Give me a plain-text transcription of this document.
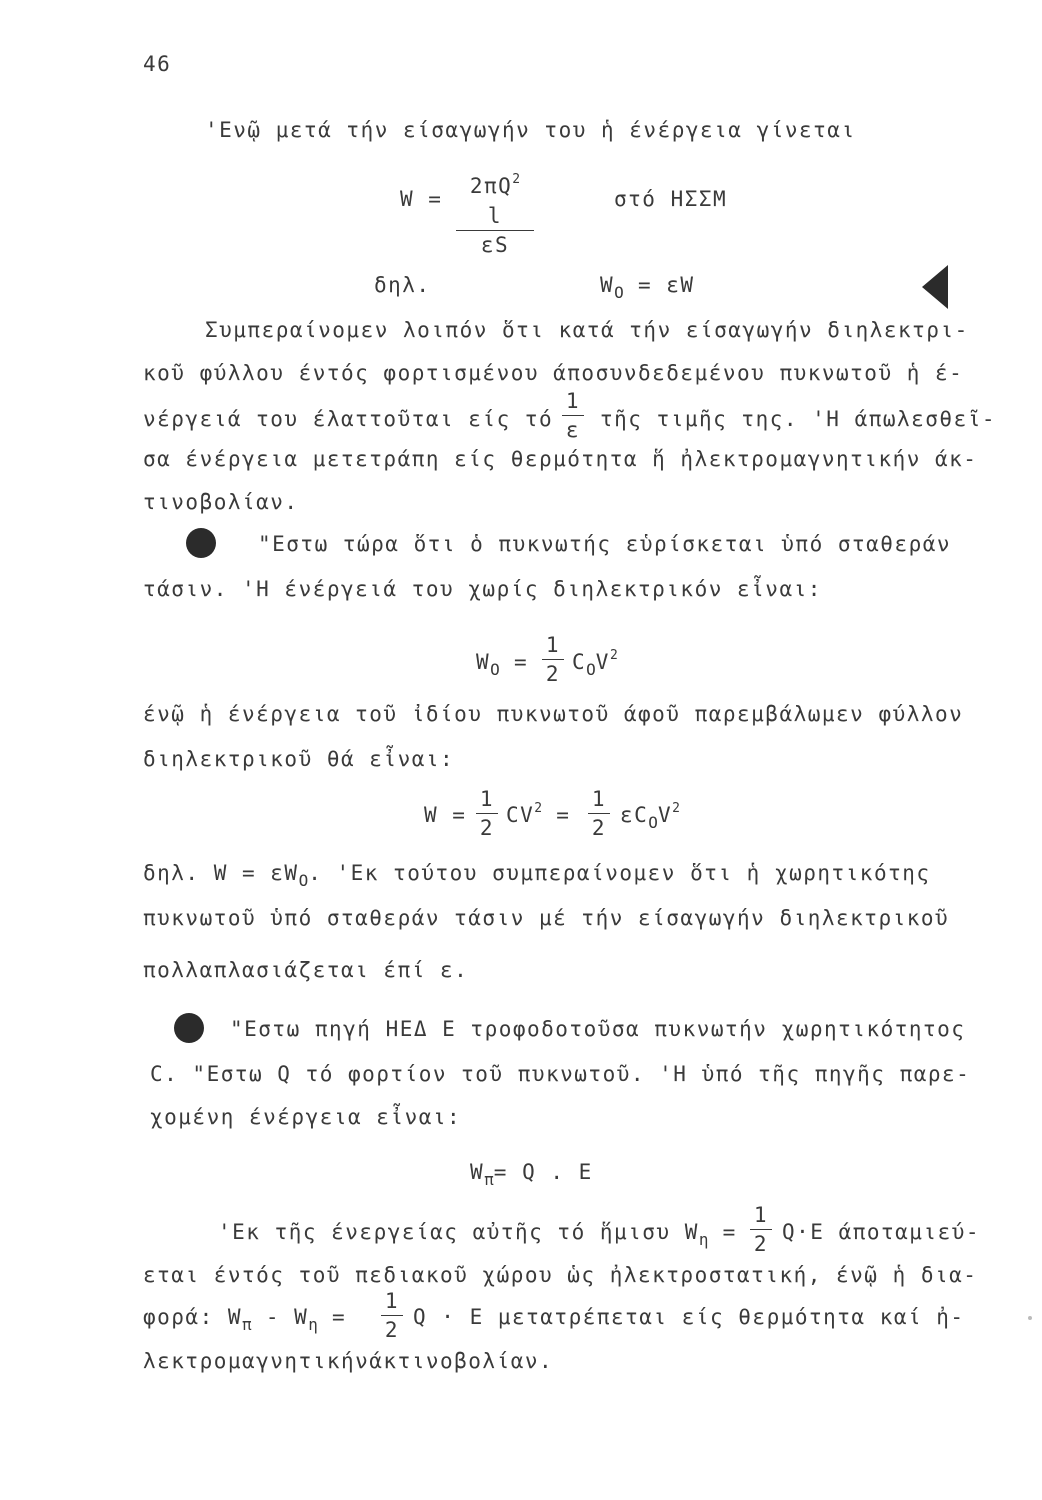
46
'Ενῷ μετά τήν είσαγωγήν του ἡ ένέργεια γίνεται
W =
$2\pi Q^2$ l
εS
στό ΗΣΣΜ
δηλ.	$W_O = \varepsilon W$
Συμπεραίνομεν λοιπόν ὅτι κατά τήν είσαγωγήν διηλεκτρι-
κοῦ φύλλου έντός φορτισμένου άποσυνδεδεμένου πυκνωτοῦ ἡ έ-
νέργειά του έλαττοῦται είς τό
1
ε τῆς τιμῆς της. 'Η άπωλεσθεῖ-
σα ένέργεια μετετράπη είς θερμότητα ἥ ἠλεκτρομαγνητικήν άκ-
τινοβολίαν.
"Εστω τώρα ὅτι ὁ πυκνωτής εὑρίσκεται ὑπό σταθεράν
τάσιν. 'Η ένέργειά του χωρίς διηλεκτρικόν εἶναι:
$W_O$ =
1
2 $C_OV^2$
ένῷ ἡ ένέργεια τοῦ ἰδίου πυκνωτοῦ άφοῦ παρεμβάλωμεν φύλλον
διηλεκτρικοῦ θά εἶναι:
W =
1
2
$CV^2$ =
1
2
$\varepsilon C_OV^2$
δηλ. $W = \varepsilon W_O$. 'Εκ τούτου συμπεραίνομεν ὅτι ἡ χωρητικότης
πυκνωτοῦ ὑπό σταθεράν τάσιν μέ τήν είσαγωγήν διηλεκτρικοῦ
πολλαπλασιάζεται έπί ε.
"Εστω πηγή ΗΕΔ Ε τροφοδοτοῦσα πυκνωτήν χωρητικότητος
C. "Εστω Q τό φορτίον τοῦ πυκνωτοῦ. 'Η ὑπό τῆς πηγῆς παρε-
χομένη ένέργεια εἶναι:
$W_\pi= Q$ . E
'Εκ τῆς ένεργείας αὐτῆς τό ἥμισυ $W_\eta$ =
1
2 Q·E άποταμιεύ-
εται έντός τοῦ πεδιακοῦ χώρου ὡς ἠλεκτροστατική, ένῷ ἡ δια-
φορά: $W_\pi - W_\eta$ =
1
2
Q · E μετατρέπεται είς θερμότητα καί ἠ-
λεκτρομαγνητικήνάκτινοβολίαν.
